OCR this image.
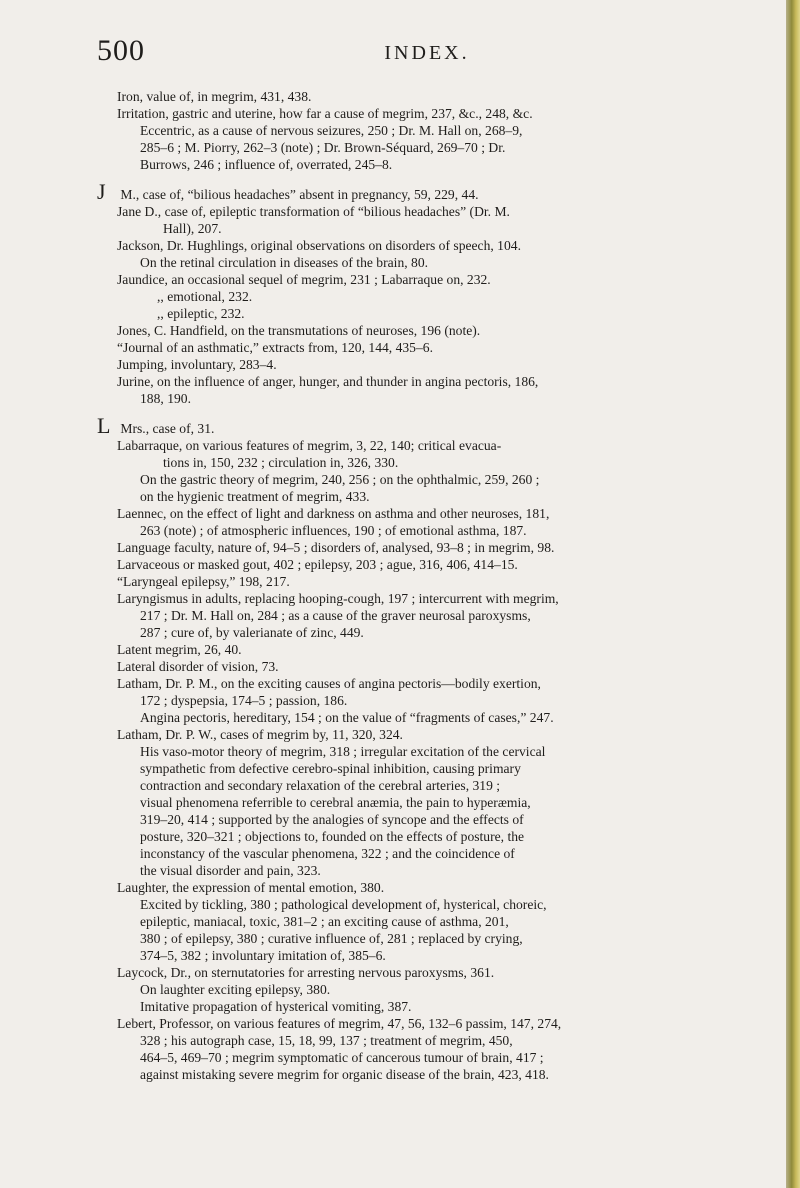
500	INDEX.
Iron, value of, in megrim, 431, 438.
Irritation, gastric and uterine, how far a cause of megrim, 237, &c., 248, &c.
Eccentric, as a cause of nervous seizures, 250 ; Dr. M. Hall on, 268–9,
285–6 ; M. Piorry, 262–3 (note) ; Dr. Brown-Séquard, 269–70 ; Dr.
Burrows, 246 ; influence of, overrated, 245–8.
J M., case of, “bilious headaches” absent in pregnancy, 59, 229, 44.
Jane D., case of, epileptic transformation of “bilious headaches” (Dr. M.
Hall), 207.
Jackson, Dr. Hughlings, original observations on disorders of speech, 104.
On the retinal circulation in diseases of the brain, 80.
Jaundice, an occasional sequel of megrim, 231 ; Labarraque on, 232.
,, emotional, 232.
,, epileptic, 232.
Jones, C. Handfield, on the transmutations of neuroses, 196 (note).
“Journal of an asthmatic,” extracts from, 120, 144, 435–6.
Jumping, involuntary, 283–4.
Jurine, on the influence of anger, hunger, and thunder in angina pectoris, 186,
188, 190.
L Mrs., case of, 31.
Labarraque, on various features of megrim, 3, 22, 140; critical evacua-
tions in, 150, 232 ; circulation in, 326, 330.
On the gastric theory of megrim, 240, 256 ; on the ophthalmic, 259, 260 ;
on the hygienic treatment of megrim, 433.
Laennec, on the effect of light and darkness on asthma and other neuroses, 181,
263 (note) ; of atmospheric influences, 190 ; of emotional asthma, 187.
Language faculty, nature of, 94–5 ; disorders of, analysed, 93–8 ; in megrim, 98.
Larvaceous or masked gout, 402 ; epilepsy, 203 ; ague, 316, 406, 414–15.
“Laryngeal epilepsy,” 198, 217.
Laryngismus in adults, replacing hooping-cough, 197 ; intercurrent with megrim,
217 ; Dr. M. Hall on, 284 ; as a cause of the graver neurosal paroxysms,
287 ; cure of, by valerianate of zinc, 449.
Latent megrim, 26, 40.
Lateral disorder of vision, 73.
Latham, Dr. P. M., on the exciting causes of angina pectoris—bodily exertion,
172 ; dyspepsia, 174–5 ; passion, 186.
Angina pectoris, hereditary, 154 ; on the value of “fragments of cases,” 247.
Latham, Dr. P. W., cases of megrim by, 11, 320, 324.
His vaso-motor theory of megrim, 318 ; irregular excitation of the cervical
sympathetic from defective cerebro-spinal inhibition, causing primary
contraction and secondary relaxation of the cerebral arteries, 319 ;
visual phenomena referrible to cerebral anæmia, the pain to hyperæmia,
319–20, 414 ; supported by the analogies of syncope and the effects of
posture, 320–321 ; objections to, founded on the effects of posture, the
inconstancy of the vascular phenomena, 322 ; and the coincidence of
the visual disorder and pain, 323.
Laughter, the expression of mental emotion, 380.
Excited by tickling, 380 ; pathological development of, hysterical, choreic,
epileptic, maniacal, toxic, 381–2 ; an exciting cause of asthma, 201,
380 ; of epilepsy, 380 ; curative influence of, 281 ; replaced by crying,
374–5, 382 ; involuntary imitation of, 385–6.
Laycock, Dr., on sternutatories for arresting nervous paroxysms, 361.
On laughter exciting epilepsy, 380.
Imitative propagation of hysterical vomiting, 387.
Lebert, Professor, on various features of megrim, 47, 56, 132–6 passim, 147, 274,
328 ; his autograph case, 15, 18, 99, 137 ; treatment of megrim, 450,
464–5, 469–70 ; megrim symptomatic of cancerous tumour of brain, 417 ;
against mistaking severe megrim for organic disease of the brain, 423, 418.
